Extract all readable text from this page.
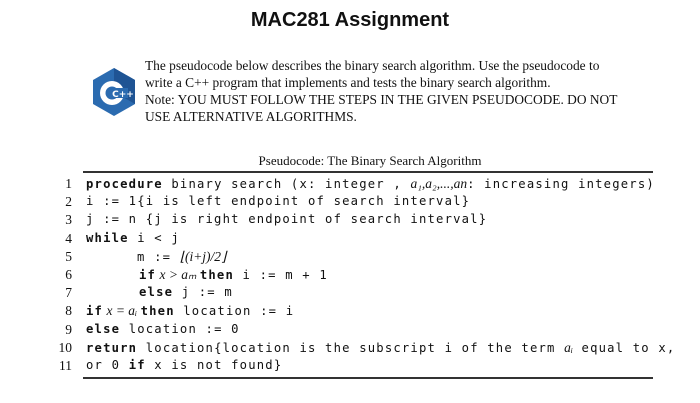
MAC281 Assignment
C++
The pseudocode below describes the binary search algorithm. Use the pseudocode to
write a C++ program that implements and tests the binary search algorithm.
Note: YOU MUST FOLLOW THE STEPS IN THE GIVEN PSEUDOCODE. DO NOT
USE ALTERNATIVE ALGORITHMS.
Pseudocode: The Binary Search Algorithm
1 procedure binary search (x: integer , a₁,a₂,...,an: increasing integers)
2 i := 1{i is left endpoint of search interval}
3 j := n {j is right endpoint of search interval}
4 while i < j
5	m := ⌊(i+j)/2⌋
6	if x > aₘ then i := m + 1
7	else j := m
8 if x = aᵢ then location := i
9 else location := 0
10 return location{location is the subscript i of the term aᵢ equal to x,
11 or 0 if x is not found}
